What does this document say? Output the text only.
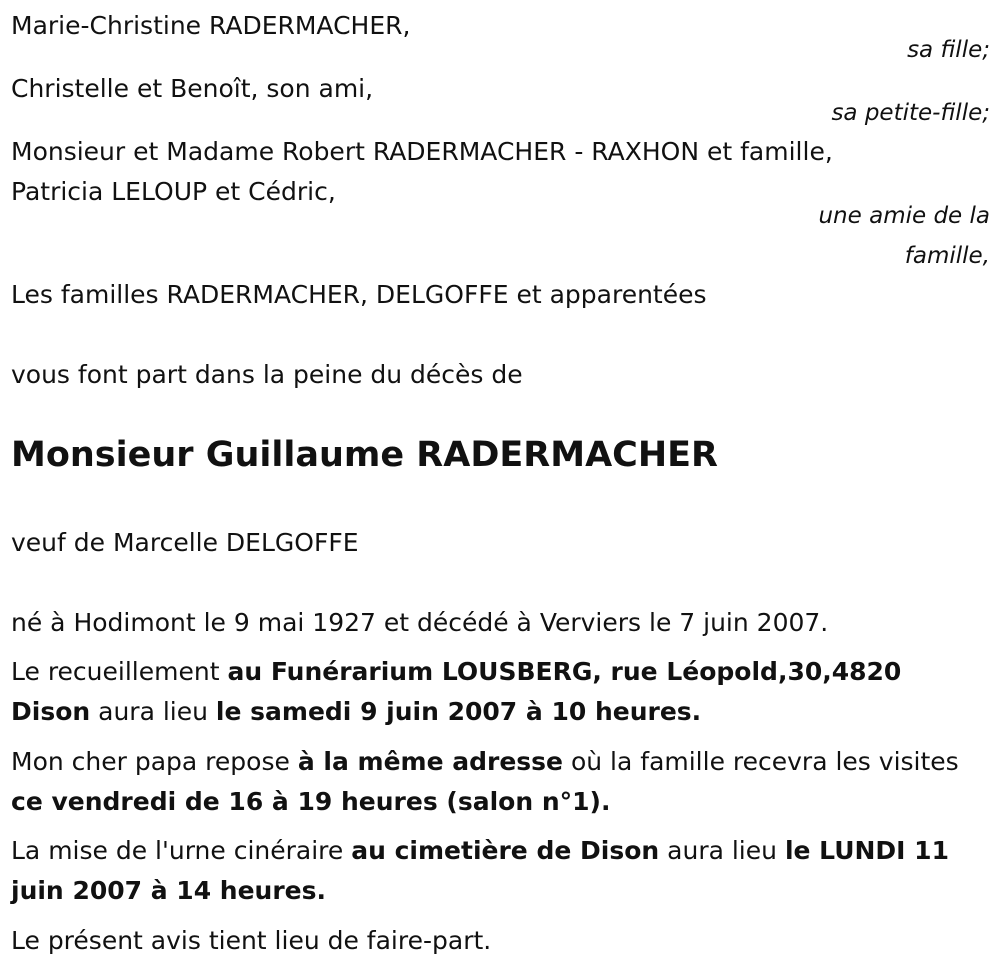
Marie-Christine RADERMACHER,
sa fille;
Christelle et Benoît, son ami,
sa petite-fille;
Monsieur et Madame Robert RADERMACHER - RAXHON et famille,
Patricia LELOUP et Cédric,
une amie de la
famille,
Les familles RADERMACHER, DELGOFFE et apparentées
vous font part dans la peine du décès de
Monsieur Guillaume RADERMACHER
veuf de Marcelle DELGOFFE
né à Hodimont le 9 mai 1927 et décédé à Verviers le 7 juin 2007.
Le recueillement au Funérarium LOUSBERG, rue Léopold,30,4820 Dison aura lieu le samedi 9 juin 2007 à 10 heures.
Mon cher papa repose à la même adresse où la famille recevra les visites ce vendredi de 16 à 19 heures (salon n°1).
La mise de l'urne cinéraire au cimetière de Dison aura lieu le LUNDI 11 juin 2007 à 14 heures.
Le présent avis tient lieu de faire-part.
